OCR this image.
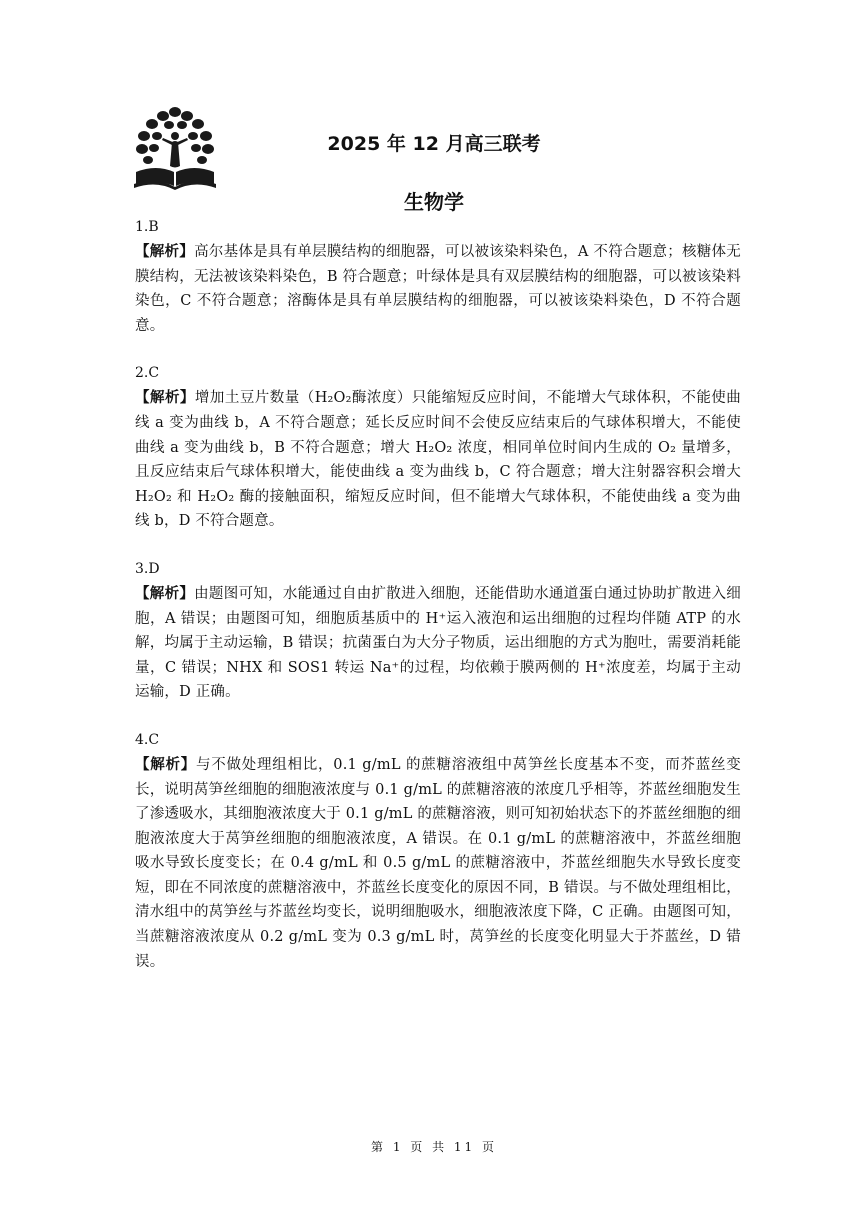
2025 年 12 月高三联考
生物学

1.B

【解析】高尔基体是具有单层膜结构的细胞器，可以被该染料染色，A 不符合题意；核糖体无膜结构，无法被该染料染色，B 符合题意；叶绿体是具有双层膜结构的细胞器，可以被该染料染色，C 不符合题意；溶酶体是具有单层膜结构的细胞器，可以被该染料染色，D 不符合题意。

2.C

【解析】增加土豆片数量（H₂O₂酶浓度）只能缩短反应时间，不能增大气球体积，不能使曲线 a 变为曲线 b，A 不符合题意；延长反应时间不会使反应结束后的气球体积增大，不能使曲线 a 变为曲线 b，B 不符合题意；增大 H₂O₂ 浓度，相同单位时间内生成的 O₂ 量增多，且反应结束后气球体积增大，能使曲线 a 变为曲线 b，C 符合题意；增大注射器容积会增大 H₂O₂ 和 H₂O₂ 酶的接触面积，缩短反应时间，但不能增大气球体积，不能使曲线 a 变为曲线 b，D 不符合题意。

3.D

【解析】由题图可知，水能通过自由扩散进入细胞，还能借助水通道蛋白通过协助扩散进入细胞，A 错误；由题图可知，细胞质基质中的 H⁺运入液泡和运出细胞的过程均伴随 ATP 的水解，均属于主动运输，B 错误；抗菌蛋白为大分子物质，运出细胞的方式为胞吐，需要消耗能量，C 错误；NHX 和 SOS1 转运 Na⁺的过程，均依赖于膜两侧的 H⁺浓度差，均属于主动运输，D 正确。

4.C

【解析】与不做处理组相比，0.1 g/mL 的蔗糖溶液组中莴笋丝长度基本不变，而芥蓝丝变长，说明莴笋丝细胞的细胞液浓度与 0.1 g/mL 的蔗糖溶液的浓度几乎相等，芥蓝丝细胞发生了渗透吸水，其细胞液浓度大于 0.1 g/mL 的蔗糖溶液，则可知初始状态下的芥蓝丝细胞的细胞液浓度大于莴笋丝细胞的细胞液浓度，A 错误。在 0.1 g/mL 的蔗糖溶液中，芥蓝丝细胞吸水导致长度变长；在 0.4 g/mL 和 0.5 g/mL 的蔗糖溶液中，芥蓝丝细胞失水导致长度变短，即在不同浓度的蔗糖溶液中，芥蓝丝长度变化的原因不同，B 错误。与不做处理组相比，清水组中的莴笋丝与芥蓝丝均变长，说明细胞吸水，细胞液浓度下降，C 正确。由题图可知，当蔗糖溶液浓度从 0.2 g/mL 变为 0.3 g/mL 时，莴笋丝的长度变化明显大于芥蓝丝，D 错误。

第 1 页 共 11 页
